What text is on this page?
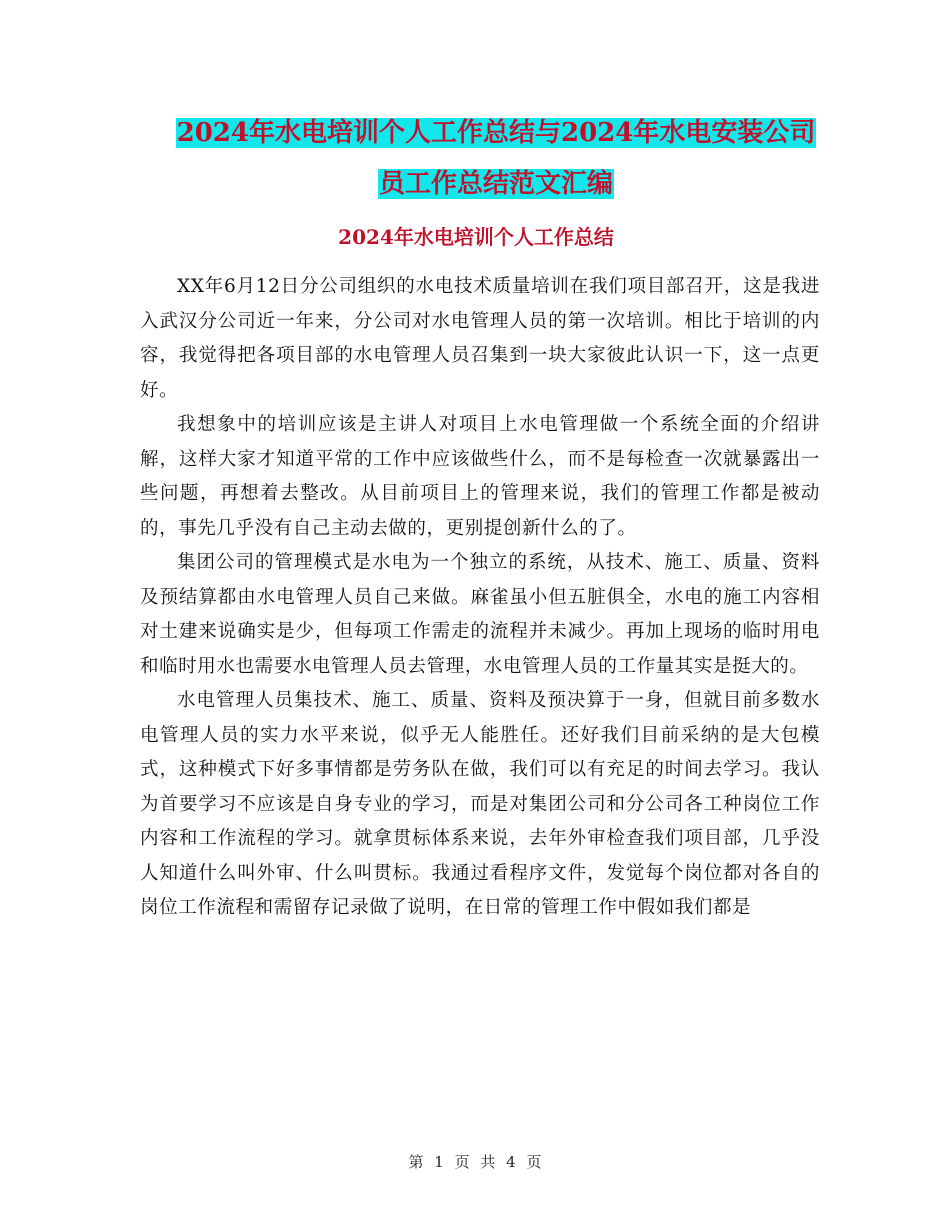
2024年水电培训个人工作总结与2024年水电安装公司
员工作总结范文汇编
2024年水电培训个人工作总结

XX年6月12日分公司组织的水电技术质量培训在我们项目部召开，这是我进入武汉分公司近一年来，分公司对水电管理人员的第一次培训。相比于培训的内容，我觉得把各项目部的水电管理人员召集到一块大家彼此认识一下，这一点更好。

我想象中的培训应该是主讲人对项目上水电管理做一个系统全面的介绍讲解，这样大家才知道平常的工作中应该做些什么，而不是每检查一次就暴露出一些问题，再想着去整改。从目前项目上的管理来说，我们的管理工作都是被动的，事先几乎没有自己主动去做的，更别提创新什么的了。

集团公司的管理模式是水电为一个独立的系统，从技术、施工、质量、资料及预结算都由水电管理人员自己来做。麻雀虽小但五脏俱全，水电的施工内容相对土建来说确实是少，但每项工作需走的流程并未减少。再加上现场的临时用电和临时用水也需要水电管理人员去管理，水电管理人员的工作量其实是挺大的。

水电管理人员集技术、施工、质量、资料及预决算于一身，但就目前多数水电管理人员的实力水平来说，似乎无人能胜任。还好我们目前采纳的是大包模式，这种模式下好多事情都是劳务队在做，我们可以有充足的时间去学习。我认为首要学习不应该是自身专业的学习，而是对集团公司和分公司各工种岗位工作内容和工作流程的学习。就拿贯标体系来说，去年外审检查我们项目部，几乎没人知道什么叫外审、什么叫贯标。我通过看程序文件，发觉每个岗位都对各自的岗位工作流程和需留存记录做了说明，在日常的管理工作中假如我们都是

第 1 页 共 4 页
